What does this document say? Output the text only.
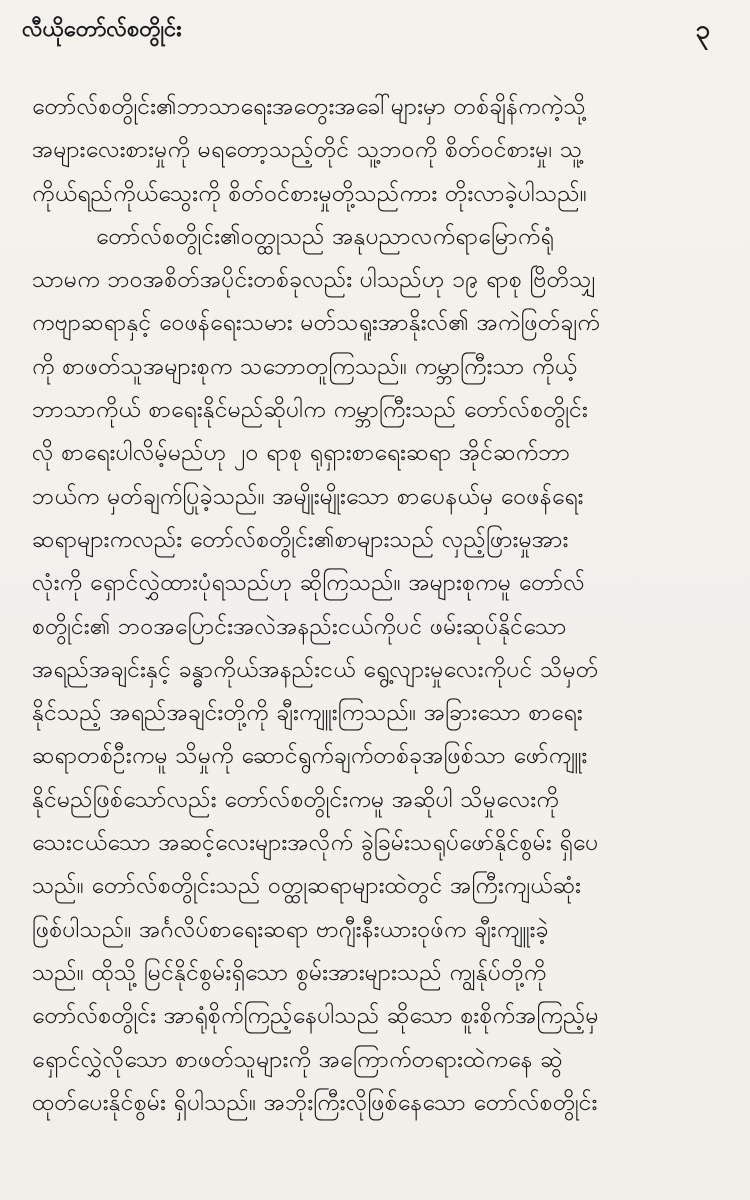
လီယိုတော်လ်စတွိုင်း	၃
တော်လ်စတွိုင်း၏ဘာသာရေးအတွေးအခေါ်များမှာ တစ်ချိန်ကကဲ့သို့
အများလေးစားမှုကို မရတော့သည့်တိုင် သူ့ဘဝကို စိတ်ဝင်စားမှု၊ သူ့
ကိုယ်ရည်ကိုယ်သွေးကို စိတ်ဝင်စားမှုတို့သည်ကား တိုးလာခဲ့ပါသည်။
တော်လ်စတွိုင်း၏ဝတ္ထုသည် အနုပညာလက်ရာမြောက်ရုံ
သာမက ဘဝအစိတ်အပိုင်းတစ်ခုလည်း ပါသည်ဟု ၁၉ ရာစု ဗြိတိသျှ
ကဗျာဆရာနှင့် ဝေဖန်ရေးသမား မတ်သရူးအာနိုးလ်၏ အကဲဖြတ်ချက်
ကို စာဖတ်သူအများစုက သဘောတူကြသည်။ ကမ္ဘာကြီးသာ ကိုယ့်
ဘာသာကိုယ် စာရေးနိုင်မည်ဆိုပါက ကမ္ဘာကြီးသည် တော်လ်စတွိုင်း
လို စာရေးပါလိမ့်မည်ဟု ၂၀ ရာစု ရုရှားစာရေးဆရာ အိုင်ဆက်ဘာ
ဘယ်က မှတ်ချက်ပြုခဲ့သည်။ အမျိုးမျိုးသော စာပေနယ်မှ ဝေဖန်ရေး
ဆရာများကလည်း တော်လ်စတွိုင်း၏စာများသည် လှည့်ဖြားမှုအား
လုံးကို ရှောင်လွှဲထားပုံရသည်ဟု ဆိုကြသည်။ အများစုကမူ တော်လ်
စတွိုင်း၏ ဘဝအပြောင်းအလဲအနည်းငယ်ကိုပင် ဖမ်းဆုပ်နိုင်သော
အရည်အချင်းနှင့် ခန္ဓာကိုယ်အနည်းငယ် ရွေ့လျားမှုလေးကိုပင် သိမှတ်
နိုင်သည့် အရည်အချင်းတို့ကို ချီးကျူးကြသည်။ အခြားသော စာရေး
ဆရာတစ်ဦးကမူ သိမှုကို ဆောင်ရွက်ချက်တစ်ခုအဖြစ်သာ ဖော်ကျူး
နိုင်မည်ဖြစ်သော်လည်း တော်လ်စတွိုင်းကမူ အဆိုပါ သိမှုလေးကို
သေးငယ်သော အဆင့်လေးများအလိုက် ခွဲခြမ်းသရုပ်ဖော်နိုင်စွမ်း ရှိပေ
သည်။ တော်လ်စတွိုင်းသည် ဝတ္ထုဆရာများထဲတွင် အကြီးကျယ်ဆုံး
ဖြစ်ပါသည်။ အင်္ဂလိပ်စာရေးဆရာ ဗာဂျီးနီးယားဝုဖ်က ချီးကျူးခဲ့
သည်။ ထိုသို့ မြင်နိုင်စွမ်းရှိသော စွမ်းအားများသည် ကျွန်ုပ်တို့ကို
တော်လ်စတွိုင်း အာရုံစိုက်ကြည့်နေပါသည် ဆိုသော စူးစိုက်အကြည့်မှ
ရှောင်လွှဲလိုသော စာဖတ်သူများကို အကြောက်တရားထဲကနေ ဆွဲ
ထုတ်ပေးနိုင်စွမ်း ရှိပါသည်။ အဘိုးကြီးလိုဖြစ်နေသော တော်လ်စတွိုင်း
